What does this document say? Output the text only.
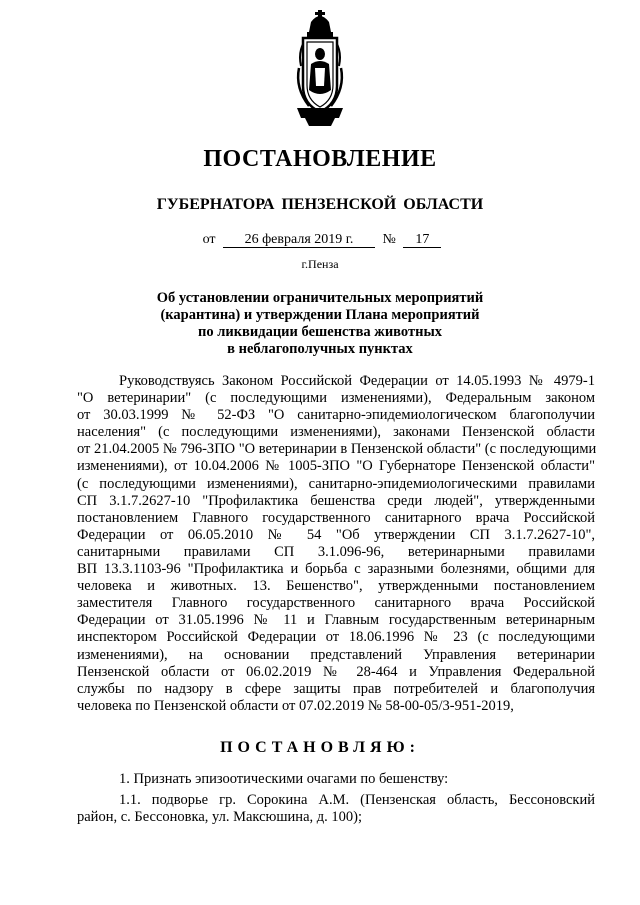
ПОСТАНОВЛЕНИЕ
ГУБЕРНАТОРА ПЕНЗЕНСКОЙ ОБЛАСТИ
от 26 февраля 2019 г. № 17
г.Пенза
Об установлении ограничительных мероприятий
(карантина) и утверждении Плана мероприятий
по ликвидации бешенства животных
в неблагополучных пунктах
Руководствуясь Законом Российской Федерации от 14.05.1993 № 4979-1
"О ветеринарии" (с последующими изменениями), Федеральным законом
от 30.03.1999 № 52-ФЗ "О санитарно-эпидемиологическом благополучии
населения" (с последующими изменениями), законами Пензенской области
от 21.04.2005 № 796-ЗПО "О ветеринарии в Пензенской области" (с последующими
изменениями), от 10.04.2006 № 1005-ЗПО "О Губернаторе Пензенской области"
(с последующими изменениями), санитарно-эпидемиологическими правилами
СП 3.1.7.2627-10 "Профилактика бешенства среди людей", утвержденными
постановлением Главного государственного санитарного врача Российской
Федерации от 06.05.2010 № 54 "Об утверждении СП 3.1.7.2627-10",
санитарными правилами СП 3.1.096-96, ветеринарными правилами
ВП 13.3.1103-96 "Профилактика и борьба с заразными болезнями, общими для
человека и животных. 13. Бешенство", утвержденными постановлением
заместителя Главного государственного санитарного врача Российской
Федерации от 31.05.1996 № 11 и Главным государственным ветеринарным
инспектором Российской Федерации от 18.06.1996 № 23 (с последующими
изменениями), на основании представлений Управления ветеринарии
Пензенской области от 06.02.2019 № 28-464 и Управления Федеральной
службы по надзору в сфере защиты прав потребителей и благополучия
человека по Пензенской области от 07.02.2019 № 58-00-05/3-951-2019,
ПОСТАНОВЛЯЮ:
1. Признать эпизоотическими очагами по бешенству:
1.1. подворье гр. Сорокина А.М. (Пензенская область, Бессоновский
район, с. Бессоновка, ул. Максюшина, д. 100);
